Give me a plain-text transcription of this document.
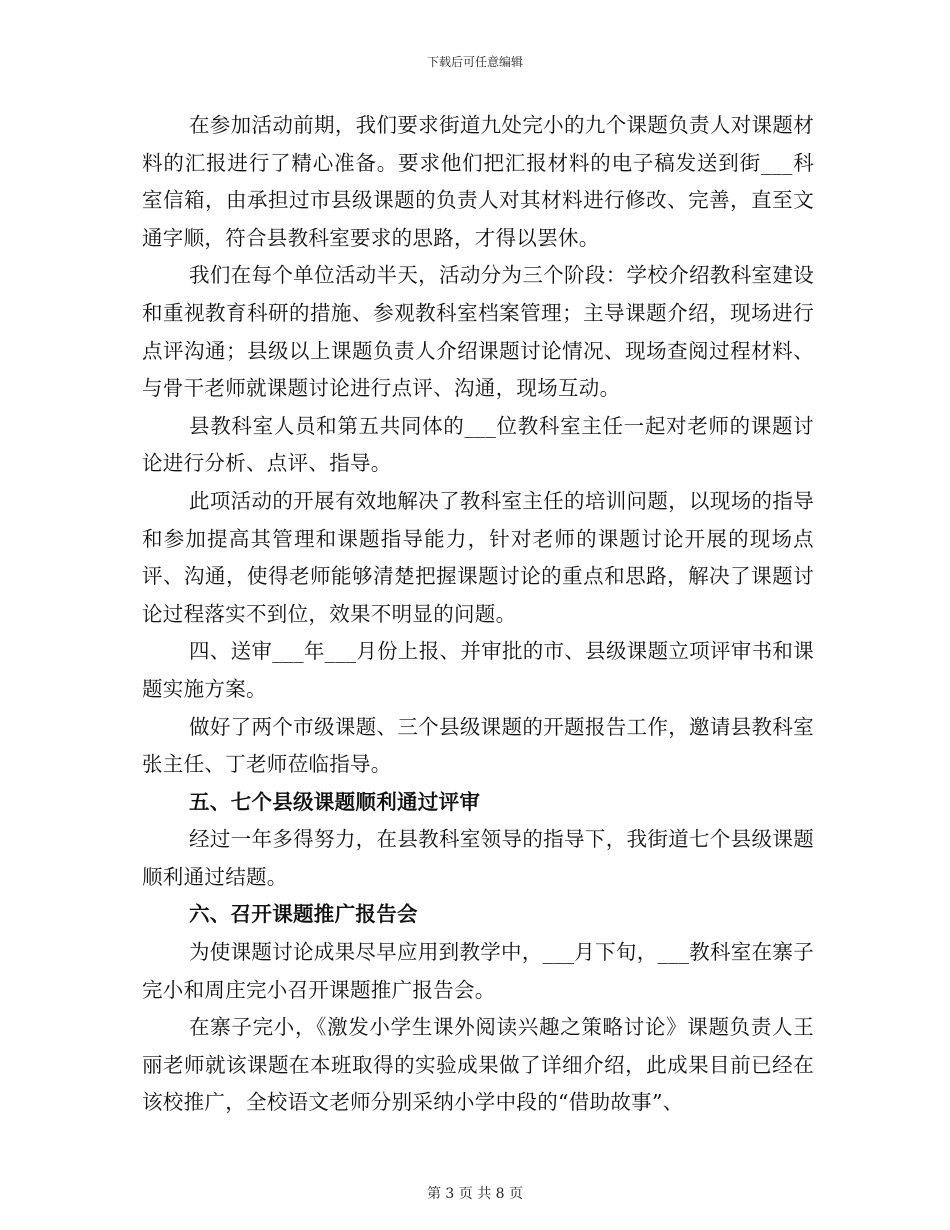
下载后可任意编辑

在参加活动前期，我们要求街道九处完小的九个课题负责人对课题材料的汇报进行了精心准备。要求他们把汇报材料的电子稿发送到街___科室信箱，由承担过市县级课题的负责人对其材料进行修改、完善，直至文通字顺，符合县教科室要求的思路，才得以罢休。

我们在每个单位活动半天，活动分为三个阶段：学校介绍教科室建设和重视教育科研的措施、参观教科室档案管理；主导课题介绍，现场进行点评沟通；县级以上课题负责人介绍课题讨论情况、现场查阅过程材料、与骨干老师就课题讨论进行点评、沟通，现场互动。

县教科室人员和第五共同体的___位教科室主任一起对老师的课题讨论进行分析、点评、指导。

此项活动的开展有效地解决了教科室主任的培训问题，以现场的指导和参加提高其管理和课题指导能力，针对老师的课题讨论开展的现场点评、沟通，使得老师能够清楚把握课题讨论的重点和思路，解决了课题讨论过程落实不到位，效果不明显的问题。

四、送审___年___月份上报、并审批的市、县级课题立项评审书和课题实施方案。

做好了两个市级课题、三个县级课题的开题报告工作，邀请县教科室张主任、丁老师莅临指导。

五、七个县级课题顺利通过评审

经过一年多得努力，在县教科室领导的指导下，我街道七个县级课题顺利通过结题。

六、召开课题推广报告会

为使课题讨论成果尽早应用到教学中，___月下旬，___教科室在寨子完小和周庄完小召开课题推广报告会。

在寨子完小，《激发小学生课外阅读兴趣之策略讨论》课题负责人王丽老师就该课题在本班取得的实验成果做了详细介绍，此成果目前已经在该校推广，全校语文老师分别采纳小学中段的“借助故事”、

第 3 页 共 8 页
